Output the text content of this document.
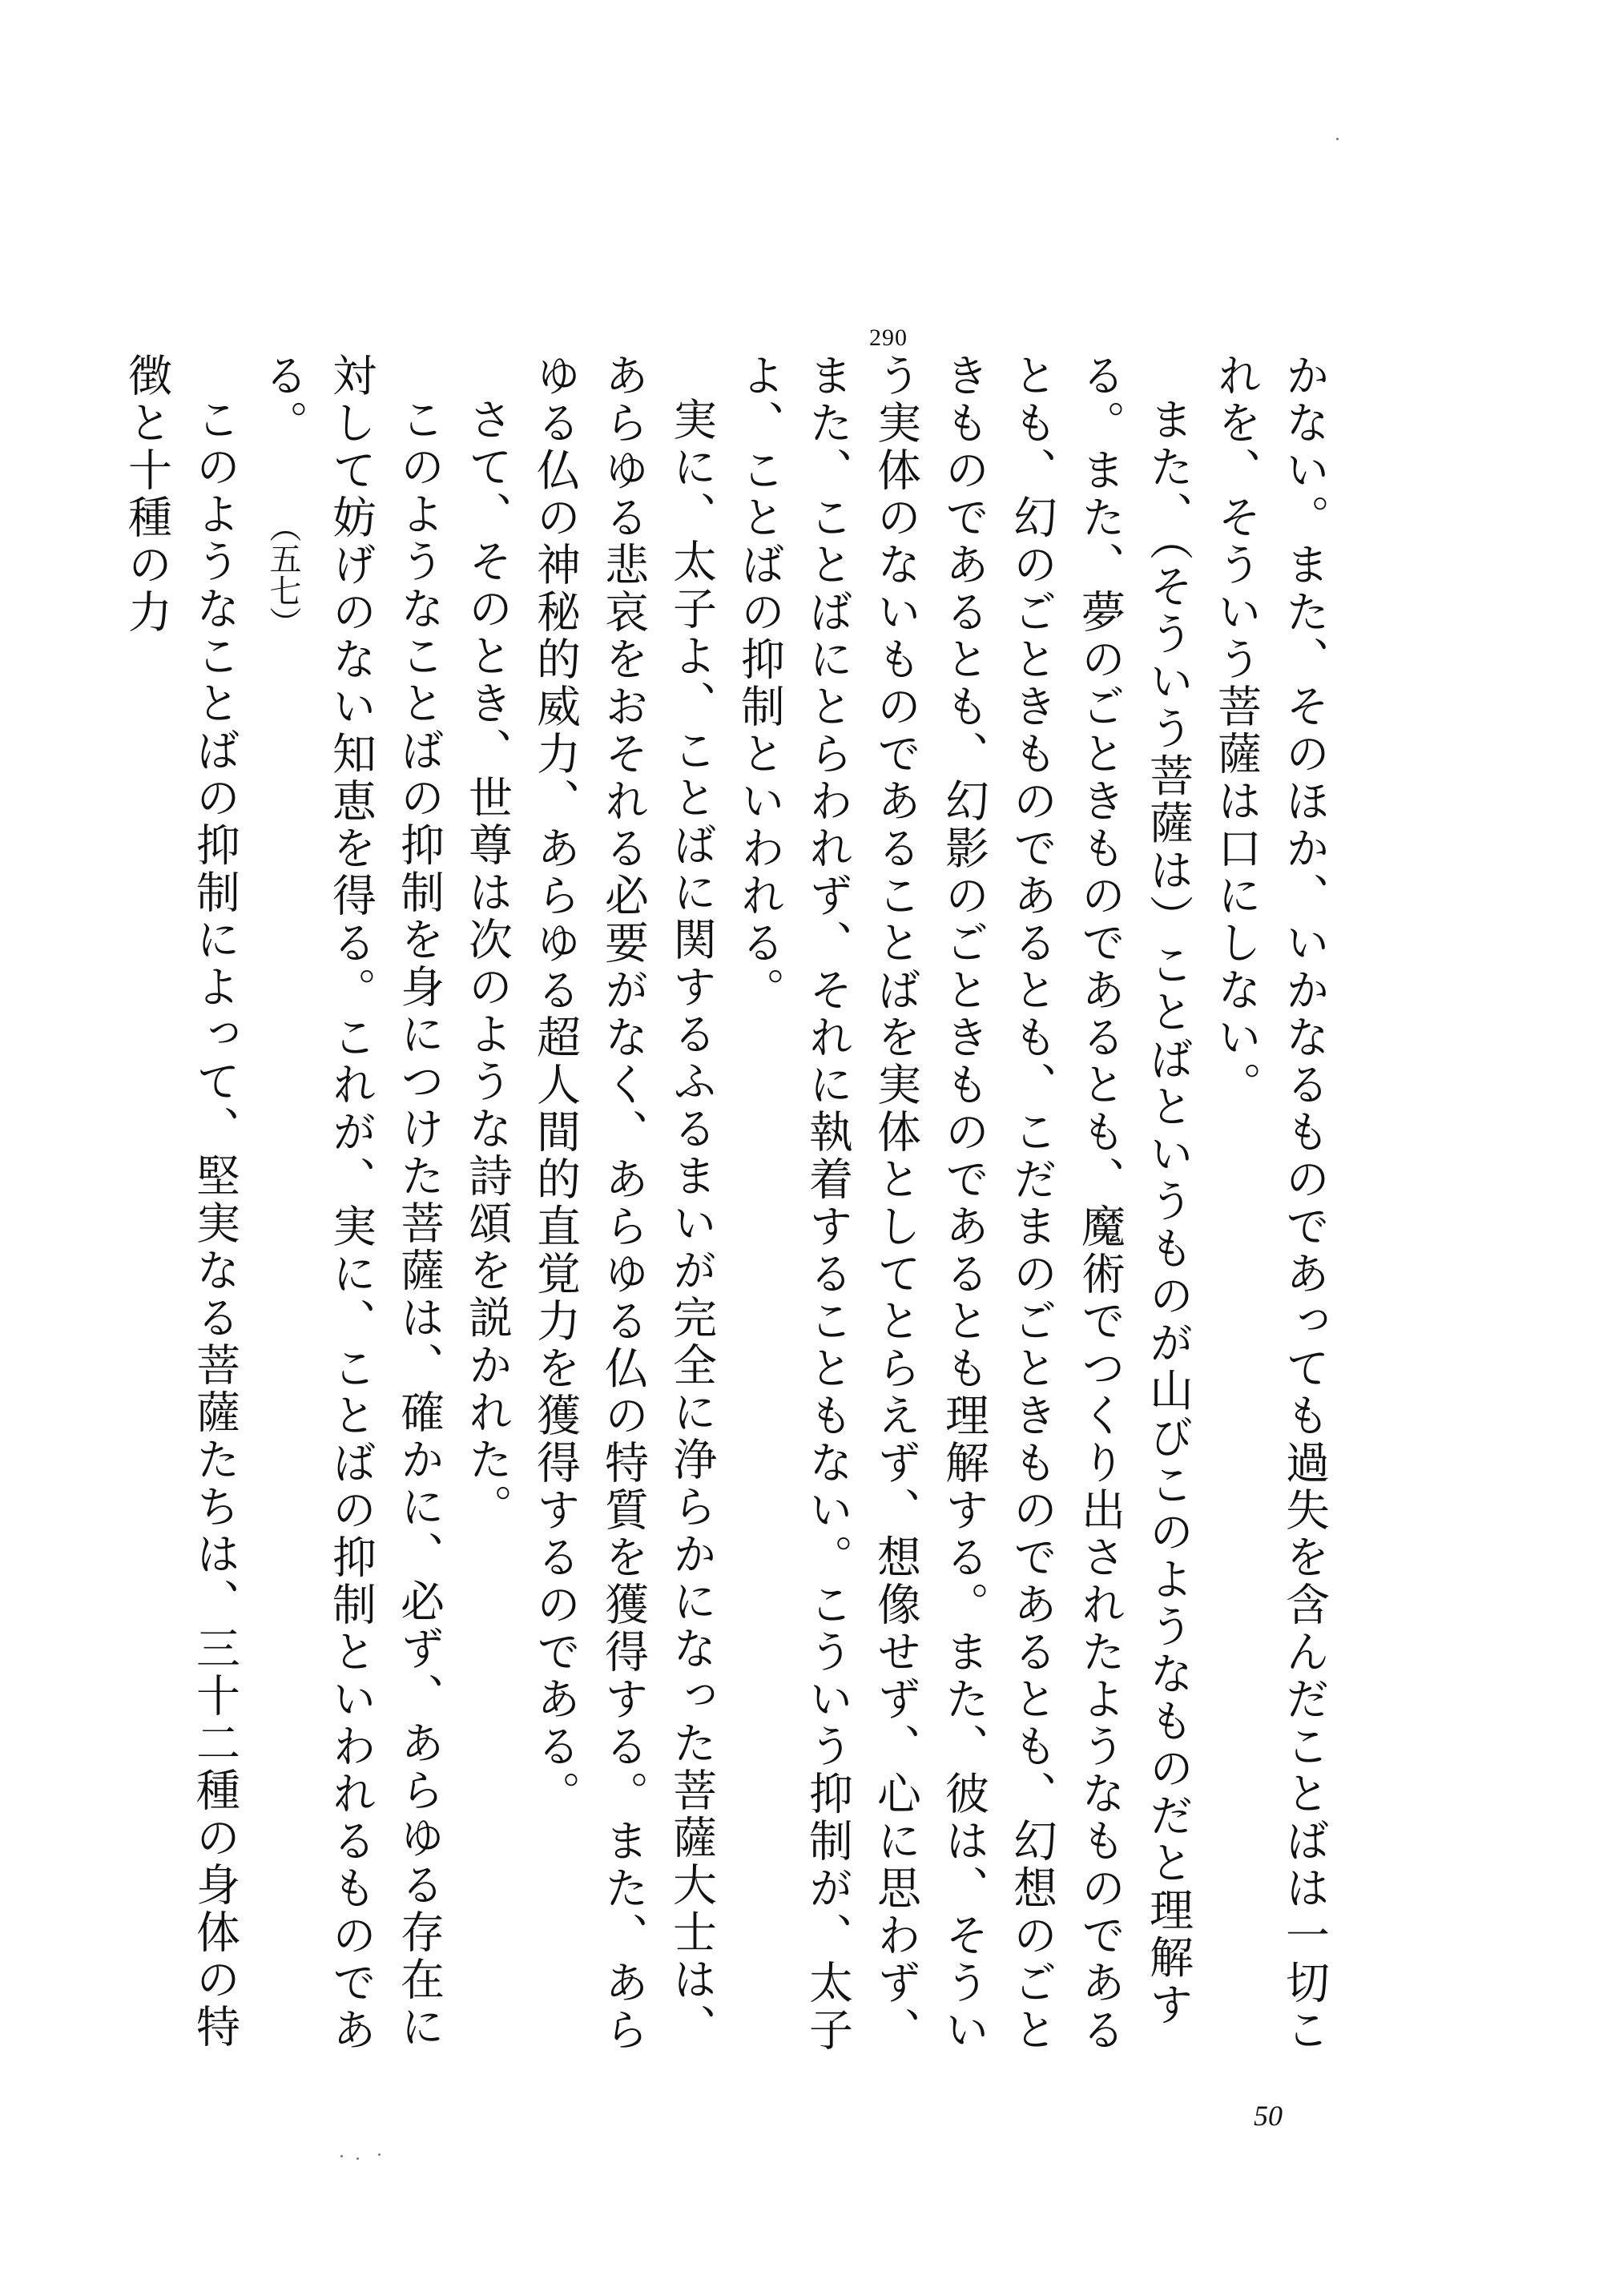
290

かない。また、そのほか、いかなるものであっても過失を含んだことばは一切これを、そういう菩薩は口にしない。

また、（そういう菩薩は）ことばというものが山びこのようなものだと理解する。また、夢のごときものであるとも、魔術でつくり出されたようなものであるとも、幻のごときものであるとも、こだまのごときものであるとも、幻想のごときものであるとも、幻影のごときものであるとも理解する。また、彼は、そういう実体のないものであることばを実体としてとらえず、想像せず、心に思わず、また、ことばにとらわれず、それに執着することもない。こういう抑制が、太子よ、ことばの抑制といわれる。

実に、太子よ、ことばに関するふるまいが完全に浄らかになった菩薩大士は、あらゆる悲哀をおそれる必要がなく、あらゆる仏の特質を獲得する。また、あらゆる仏の神秘的威力、あらゆる超人間的直覚力を獲得するのである。

さて、そのとき、世尊は次のような詩頌を説かれた。

このようなことばの抑制を身につけた菩薩は、確かに、必ず、あらゆる存在に対して妨げのない知恵を得る。これが、実に、ことばの抑制といわれるものである。（五七）

このようなことばの抑制によって、堅実なる菩薩たちは、三十二種の身体の特徴と十種の力

50
